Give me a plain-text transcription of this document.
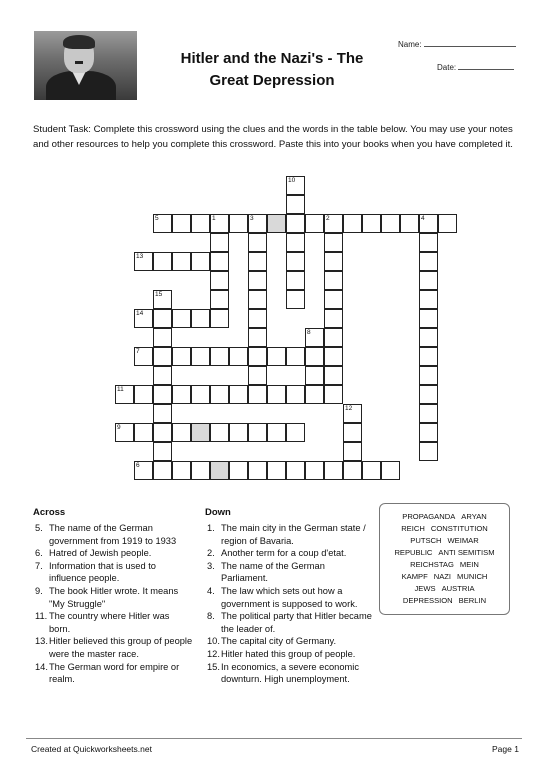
Hitler and the Nazi's - The
Great Depression
Name:
Date:
Student Task: Complete this crossword using the clues and the words in the table below. You may use your notes and other resources to help you complete this crossword. Paste this into your books when you have completed it.
5	1	3	2	4
13
14
7
11
9
6
10
15
8
12
Across	Down
5. The name of the German government from 1919 to 1933
6. Hatred of Jewish people.
7. Information that is used to influence people.
9. The book Hitler wrote. It means "My Struggle"
11. The country where Hitler was born.
13. Hitler believed this group of people were the master race.
14. The German word for empire or realm.
1. The main city in the German state / region of Bavaria.
2. Another term for a coup d'etat.
3. The name of the German Parliament.
4. The law which sets out how a government is supposed to work.
8. The political party that Hitler became the leader of.
10. The capital city of Germany.
12. Hitler hated this group of people.
15. In economics, a severe economic downturn. High unemployment.
PROPAGANDA ARYAN
REICH CONSTITUTION
PUTSCH WEIMAR
REPUBLIC ANTI SEMITISM
REICHSTAG MEIN
KAMPF NAZI MUNICH
JEWS AUSTRIA
DEPRESSION BERLIN
Created at Quickworksheets.net	Page 1
